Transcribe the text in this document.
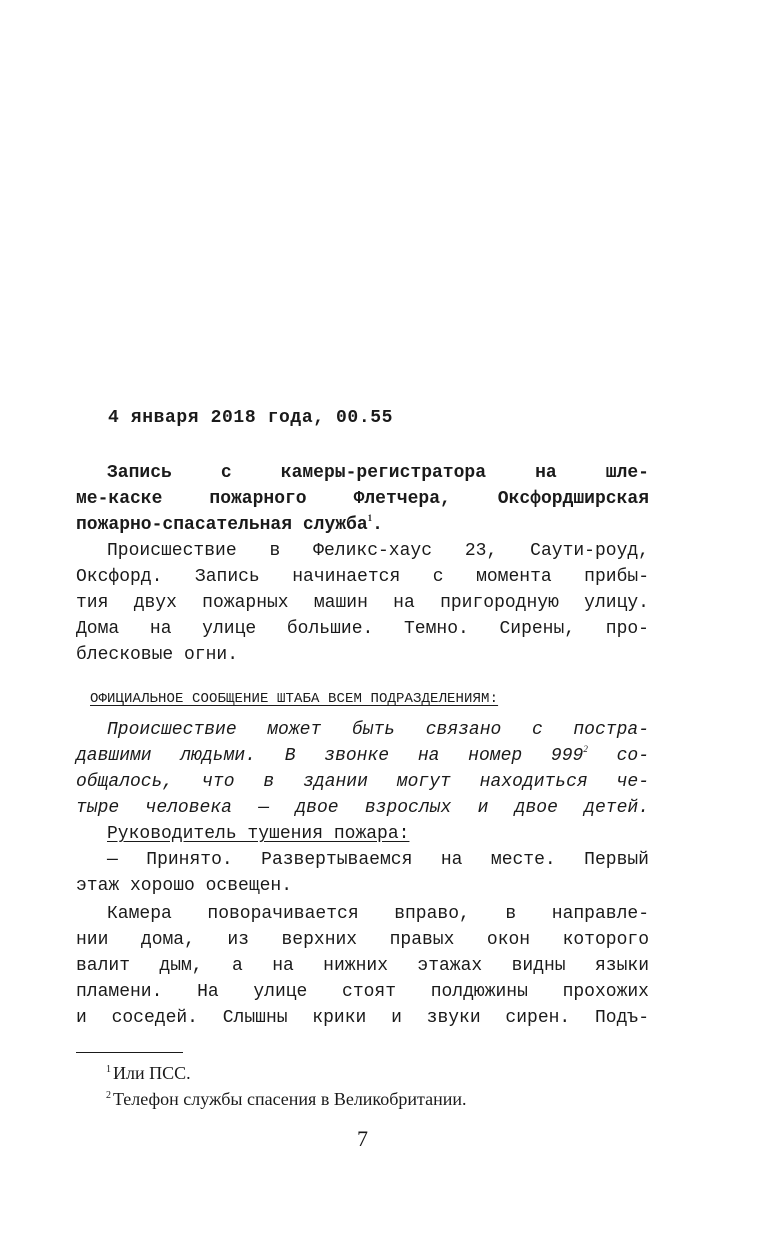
4 января 2018 года, 00.55
Запись с камеры-регистратора на шле-
ме-каске пожарного Флетчера, Оксфордширская
пожарно-спасательная служба$^1$.
Происшествие в Феликс-хаус 23, Саути-роуд,
Оксфорд. Запись начинается с момента прибы-
тия двух пожарных машин на пригородную улицу.
Дома на улице большие. Темно. Сирены, про-
блесковые огни.
ОФИЦИАЛЬНОЕ СООБЩЕНИЕ ШТАБА ВСЕМ ПОДРАЗДЕЛЕНИЯМ:
Происшествие может быть связано с постра-
давшими людьми. В звонке на номер 999$^2$ со-
общалось, что в здании могут находиться че-
тыре человека — двое взрослых и двое детей.
Руководитель тушения пожара:
— Принято. Развертываемся на месте. Первый
этаж хорошо освещен.
Камера поворачивается вправо, в направле-
нии дома, из верхних правых окон которого
валит дым, а на нижних этажах видны языки
пламени. На улице стоят полдюжины прохожих
и соседей. Слышны крики и звуки сирен. Подъ-
$^1$ Или ПСС.
$^2$ Телефон службы спасения в Великобритании.
7
